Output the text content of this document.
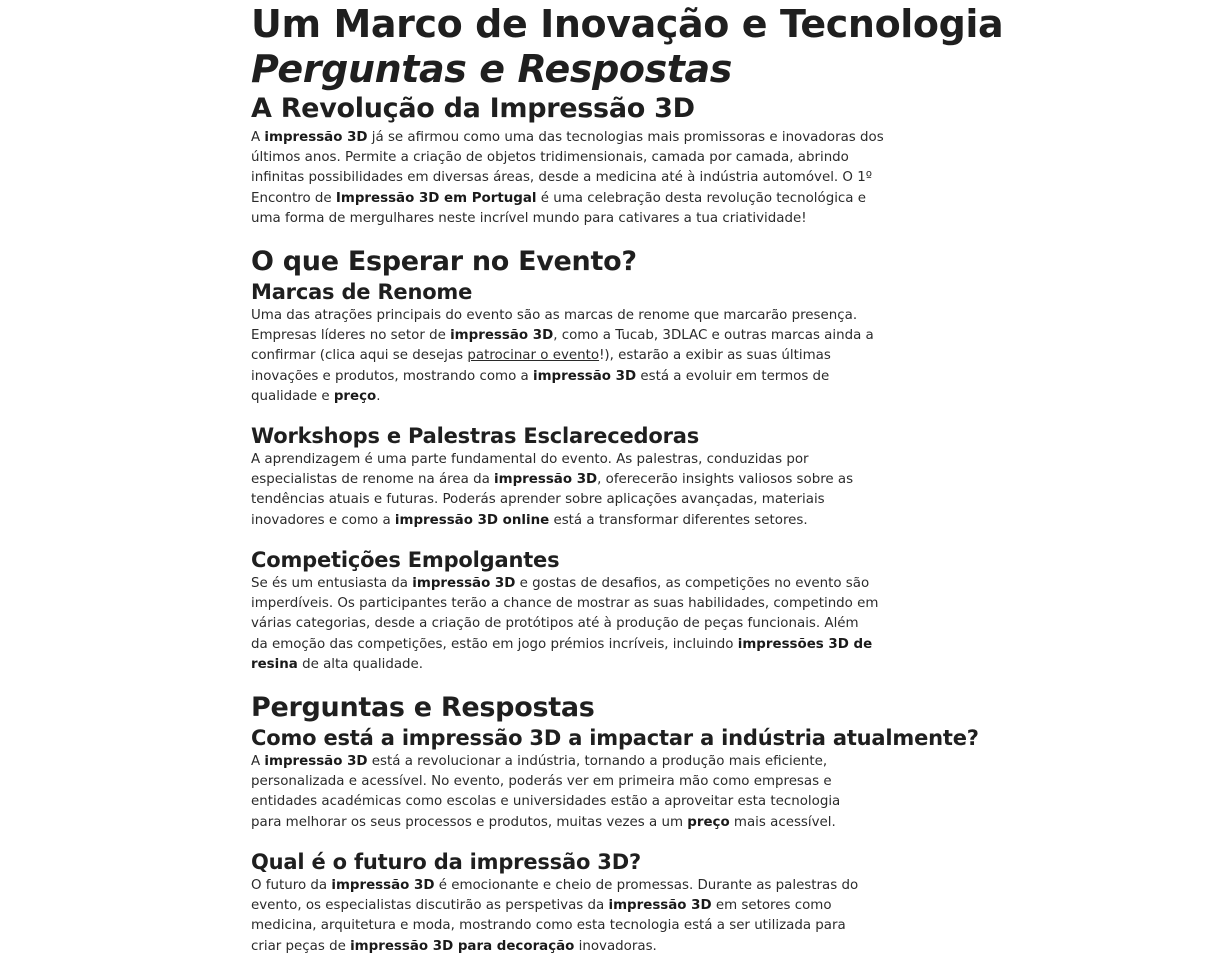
Um Marco de Inovação e Tecnologia
Perguntas e Respostas
A Revolução da Impressão 3D

A impressão 3D já se afirmou como uma das tecnologias mais promissoras e inovadoras dos
últimos anos. Permite a criação de objetos tridimensionais, camada por camada, abrindo
infinitas possibilidades em diversas áreas, desde a medicina até à indústria automóvel. O 1º
Encontro de Impressão 3D em Portugal é uma celebração desta revolução tecnológica e
uma forma de mergulhares neste incrível mundo para cativares a tua criatividade!

O que Esperar no Evento?
Marcas de Renome

Uma das atrações principais do evento são as marcas de renome que marcarão presença.
Empresas líderes no setor de impressão 3D, como a Tucab, 3DLAC e outras marcas ainda a
confirmar (clica aqui se desejas patrocinar o evento!), estarão a exibir as suas últimas
inovações e produtos, mostrando como a impressão 3D está a evoluir em termos de
qualidade e preço.

Workshops e Palestras Esclarecedoras

A aprendizagem é uma parte fundamental do evento. As palestras, conduzidas por
especialistas de renome na área da impressão 3D, oferecerão insights valiosos sobre as
tendências atuais e futuras. Poderás aprender sobre aplicações avançadas, materiais
inovadores e como a impressão 3D online está a transformar diferentes setores.

Competições Empolgantes

Se és um entusiasta da impressão 3D e gostas de desafios, as competições no evento são
imperdíveis. Os participantes terão a chance de mostrar as suas habilidades, competindo em
várias categorias, desde a criação de protótipos até à produção de peças funcionais. Além
da emoção das competições, estão em jogo prémios incríveis, incluindo impressões 3D de
resina de alta qualidade.

Perguntas e Respostas
Como está a impressão 3D a impactar a indústria atualmente?

A impressão 3D está a revolucionar a indústria, tornando a produção mais eficiente,
personalizada e acessível. No evento, poderás ver em primeira mão como empresas e
entidades académicas como escolas e universidades estão a aproveitar esta tecnologia
para melhorar os seus processos e produtos, muitas vezes a um preço mais acessível.

Qual é o futuro da impressão 3D?

O futuro da impressão 3D é emocionante e cheio de promessas. Durante as palestras do
evento, os especialistas discutirão as perspetivas da impressão 3D em setores como
medicina, arquitetura e moda, mostrando como esta tecnologia está a ser utilizada para
criar peças de impressão 3D para decoração inovadoras.
